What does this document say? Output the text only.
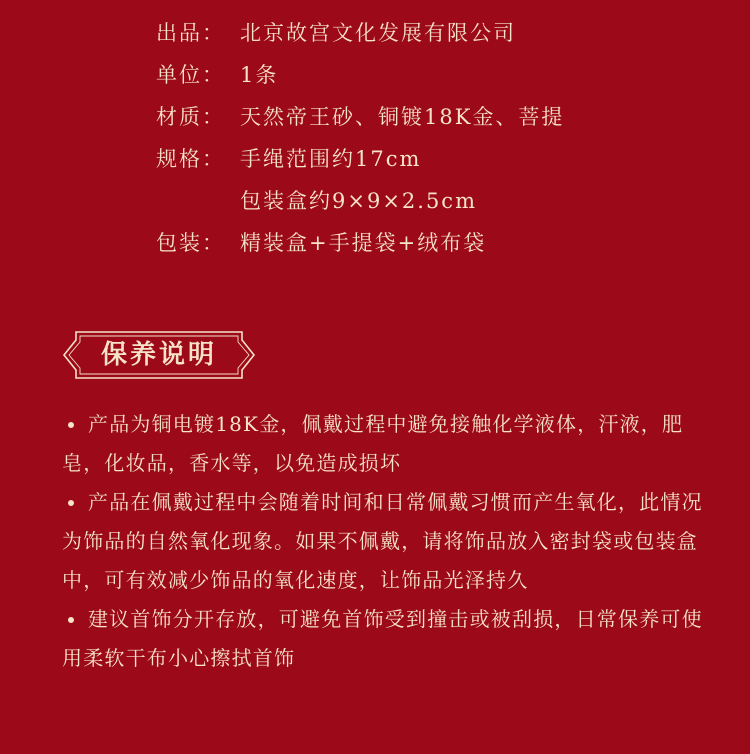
出品： 北京故宫文化发展有限公司
单位： 1条
材质： 天然帝王砂、铜镀18K金、菩提
规格： 手绳范围约17cm
包装盒约9×9×2.5cm
包装： 精装盒+手提袋+绒布袋
保养说明
产品为铜电镀18K金，佩戴过程中避免接触化学液体，汗液，肥皂，化妆品，香水等，以免造成损坏
产品在佩戴过程中会随着时间和日常佩戴习惯而产生氧化，此情况为饰品的自然氧化现象。如果不佩戴，请将饰品放入密封袋或包装盒中，可有效减少饰品的氧化速度，让饰品光泽持久
建议首饰分开存放，可避免首饰受到撞击或被刮损，日常保养可使用柔软干布小心擦拭首饰
